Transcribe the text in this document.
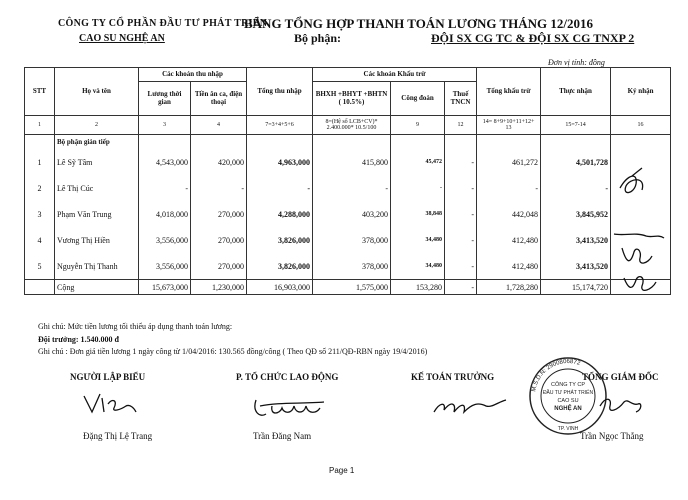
CÔNG TY CỔ PHẦN ĐẦU TƯ PHÁT TRIỂN
CAO SU NGHỆ AN
BẢNG TỔNG HỢP THANH TOÁN LƯƠNG THÁNG 12/2016
Bộ phận:	ĐỘI SX CG TC & ĐỘI SX CG TNXP 2
Đơn vị tính: đồng
STT	Họ và tên	Các khoản thu nhập		Tổng thu nhập	Các khoản Khấu trừ			Tổng khấu trừ	Thực nhận	Ký nhận
		Lương thời gian	Tiền ăn ca, điện thoại		BHXH +BHYT +BHTN ( 10.5%)	Công đoàn	Thuế TNCN			
1	2	3	4	7=3+4+5+6	8=(Hệ số LCB+CV)* 2.400.000* 10.5/100	9	12	14= 8+9+10+11+12+ 13	15=7-14	16
	Bộ phận gián tiếp									
1	Lê Sỹ Tâm	4,543,000	420,000	4,963,000	415,800	45,472	-	461,272	4,501,728	
2	Lê Thị Cúc	-	-	-	-	-	-	-	-	
3	Phạm Văn Trung	4,018,000	270,000	4,288,000	403,200	38,848	-	442,048	3,845,952	
4	Vương Thị Hiền	3,556,000	270,000	3,826,000	378,000	34,480	-	412,480	3,413,520	
5	Nguyễn Thị Thanh	3,556,000	270,000	3,826,000	378,000	34,480	-	412,480	3,413,520	
	Cộng	15,673,000	1,230,000	16,903,000	1,575,000	153,280	-	1,728,280	15,174,720	
Ghi chú: Mức tiền lương tối thiểu áp dụng thanh toán lương:
Đội trưởng: 1.540.000 đ
Ghi chú : Đơn giá tiền lương 1 ngày công từ 1/04/2016: 130.565 đồng/công ( Theo QĐ số 211/QĐ-RBN ngày 19/4/2016)
NGƯỜI LẬP BIỂU	P. TỔ CHỨC LAO ĐỘNG	KẾ TOÁN TRƯỞNG	TỔNG GIÁM ĐỐC
M.S.D.N: 2900806872
CÔNG TY CP
ĐẦU TƯ PHÁT TRIỂN
CAO SU
NGHỆ AN
TP. VINH
Đặng Thị Lệ Trang	Trần Đăng Nam	Trần Ngọc Thắng
Page 1
